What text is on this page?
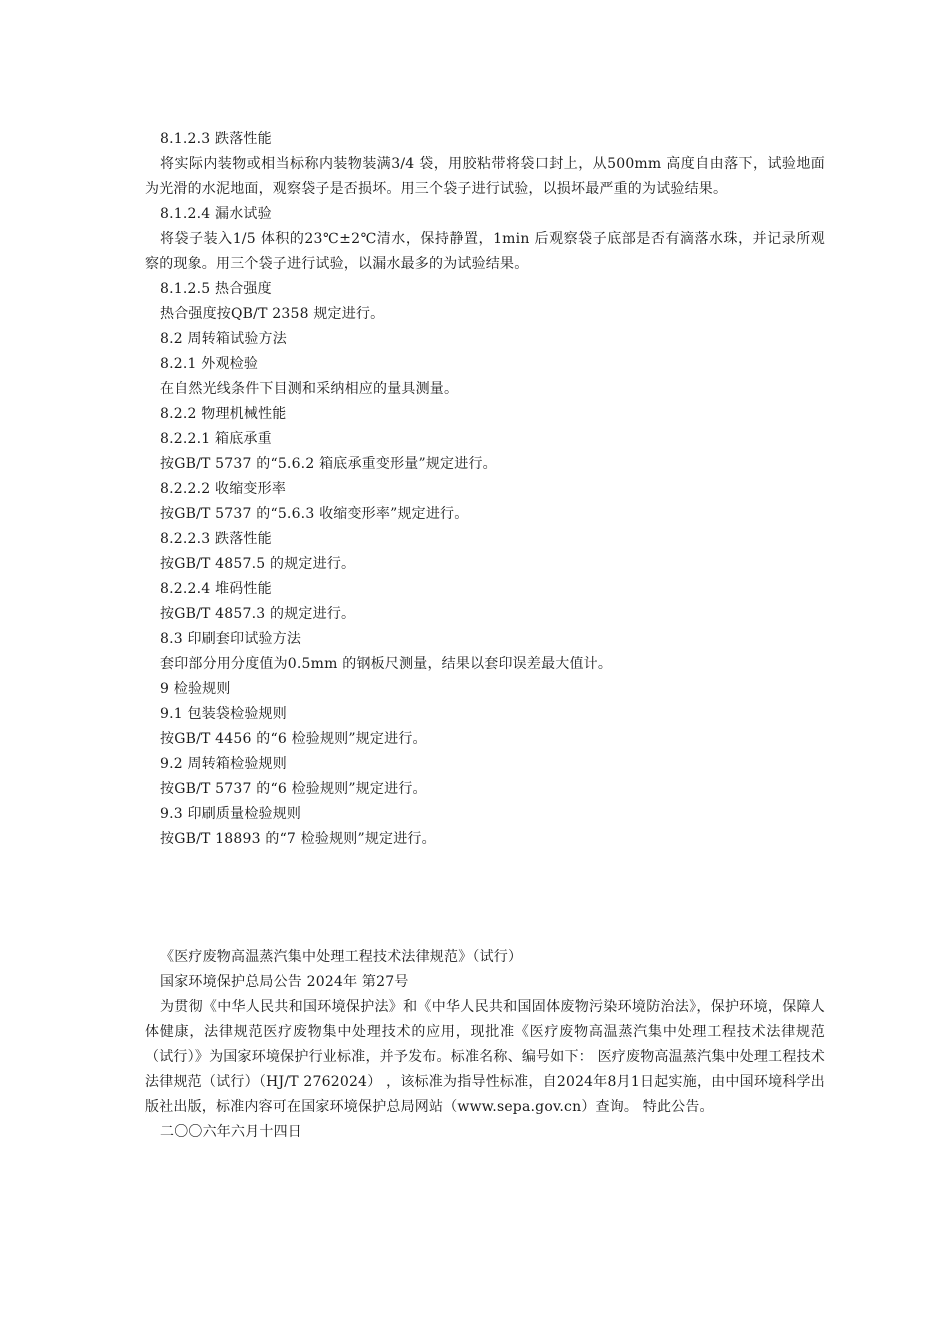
8.1.2.3 跌落性能

将实际内装物或相当标称内装物装满3/4 袋，用胶粘带将袋口封上，从500mm 高度自由落下，试验地面为光滑的水泥地面，观察袋子是否损坏。用三个袋子进行试验，以损坏最严重的为试验结果。

8.1.2.4 漏水试验

将袋子装入1/5 体积的23℃±2℃清水，保持静置，1min 后观察袋子底部是否有滴落水珠，并记录所观察的现象。用三个袋子进行试验，以漏水最多的为试验结果。

8.1.2.5 热合强度
热合强度按QB/T 2358 规定进行。
8.2 周转箱试验方法
8.2.1 外观检验
在自然光线条件下目测和采纳相应的量具测量。
8.2.2 物理机械性能
8.2.2.1 箱底承重
按GB/T 5737 的“5.6.2 箱底承重变形量”规定进行。
8.2.2.2 收缩变形率
按GB/T 5737 的“5.6.3 收缩变形率”规定进行。
8.2.2.3 跌落性能
按GB/T 4857.5 的规定进行。
8.2.2.4 堆码性能
按GB/T 4857.3 的规定进行。
8.3 印刷套印试验方法
套印部分用分度值为0.5mm 的钢板尺测量，结果以套印误差最大值计。
9 检验规则
9.1 包装袋检验规则
按GB/T 4456 的“6 检验规则”规定进行。
9.2 周转箱检验规则
按GB/T 5737 的“6 检验规则”规定进行。
9.3 印刷质量检验规则
按GB/T 18893 的“7 检验规则”规定进行。
《医疗废物高温蒸汽集中处理工程技术法律规范》（试行）
国家环境保护总局公告 2024年 第27号

为贯彻《中华人民共和国环境保护法》和《中华人民共和国固体废物污染环境防治法》，保护环境，保障人体健康，法律规范医疗废物集中处理技术的应用，现批准《医疗废物高温蒸汽集中处理工程技术法律规范（试行）》为国家环境保护行业标准，并予发布。标准名称、编号如下： 医疗废物高温蒸汽集中处理工程技术法律规范（试行）（HJ/T 2762024） ，该标准为指导性标准，自2024年8月1日起实施，由中国环境科学出版社出版，标准内容可在国家环境保护总局网站（www.sepa.gov.cn）查询。 特此公告。

二〇〇六年六月十四日
